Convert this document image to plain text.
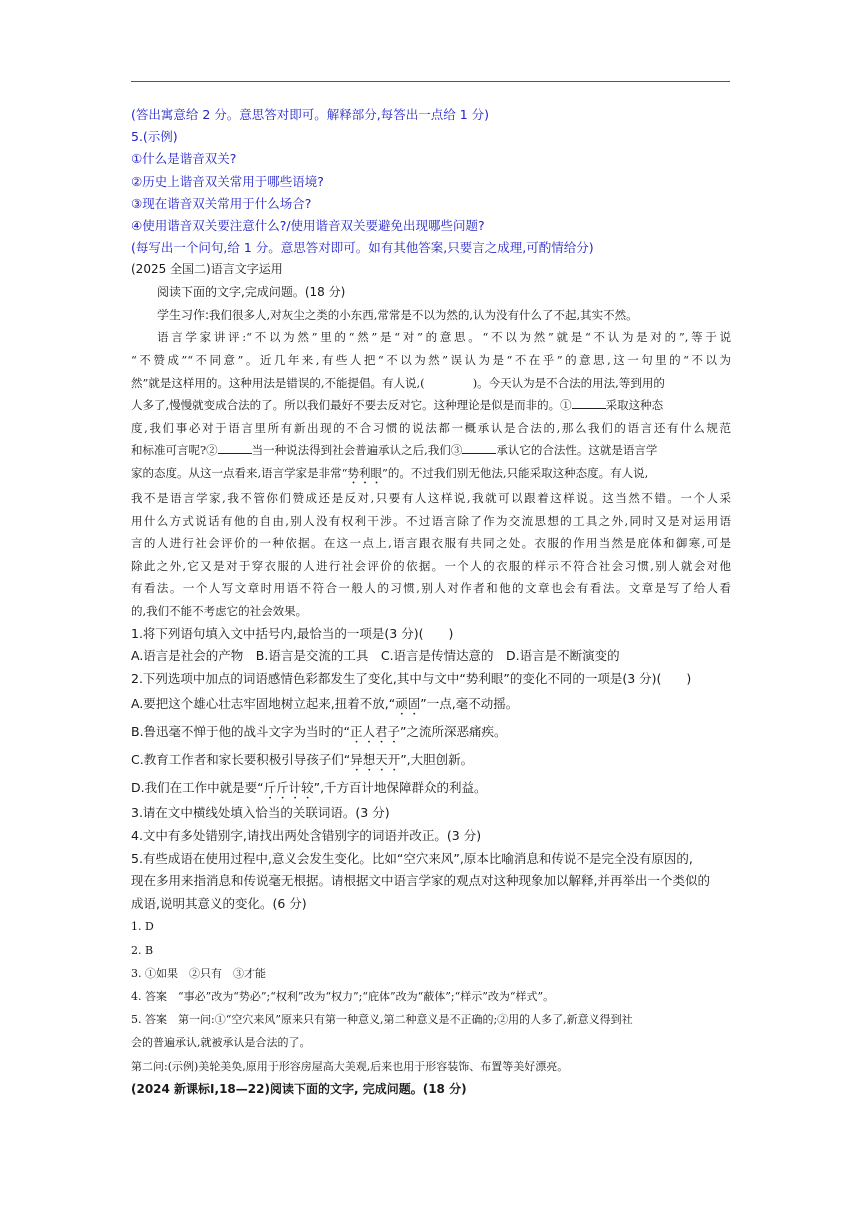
(答出寓意给 2 分。意思答对即可。解释部分,每答出一点给 1 分)

5.(示例)

①什么是谐音双关?

②历史上谐音双关常用于哪些语境?

③现在谐音双关常用于什么场合?

④使用谐音双关要注意什么?/使用谐音双关要避免出现哪些问题?

(每写出一个问句,给 1 分。意思答对即可。如有其他答案,只要言之成理,可酌情给分)

(2025 全国二)语言文字运用

阅读下面的文字,完成问题。(18 分)

学生习作:我们很多人,对灰尘之类的小东西,常常是不以为然的,认为没有什么了不起,其实不然。

语言学家讲评:“不以为然”里的“然”是“对”的意思。“不以为然”就是“不认为是对的”,等于说

“不赞成”“不同意”。近几年来,有些人把“不以为然”误认为是“不在乎”的意思,这一句里的“不以为

然”就是这样用的。这种用法是错误的,不能提倡。有人说,(	)。今天认为是不合法的用法,等到用的

人多了,慢慢就变成合法的了。所以我们最好不要去反对它。这种理论是似是而非的。①	采取这种态

度,我们事必对于语言里所有新出现的不合习惯的说法都一概承认是合法的,那么我们的语言还有什么规范

和标准可言呢?②	当一种说法得到社会普遍承认之后,我们③	承认它的合法性。这就是语言学

家的态度。从这一点看来,语言学家是非常“势利眼”的。不过我们别无他法,只能采取这种态度。有人说,

我不是语言学家,我不管你们赞成还是反对,只要有人这样说,我就可以跟着这样说。这当然不错。一个人采

用什么方式说话有他的自由,别人没有权利干涉。不过语言除了作为交流思想的工具之外,同时又是对运用语

言的人进行社会评价的一种依据。在这一点上,语言跟衣服有共同之处。衣服的作用当然是庇体和御寒,可是

除此之外,它又是对于穿衣服的人进行社会评价的依据。一个人的衣服的样示不符合社会习惯,别人就会对他

有看法。一个人写文章时用语不符合一般人的习惯,别人对作者和他的文章也会有看法。文章是写了给人看

的,我们不能不考虑它的社会效果。

1.将下列语句填入文中括号内,最恰当的一项是(3 分)(　　)

A.语言是社会的产物　B.语言是交流的工具　C.语言是传情达意的　D.语言是不断演变的

2.下列选项中加点的词语感情色彩都发生了变化,其中与文中“势利眼”的变化不同的一项是(3 分)(　　)

A.要把这个雄心壮志牢固地树立起来,扭着不放,“顽固”一点,毫不动摇。

B.鲁迅毫不惮于他的战斗文字为当时的“正人君子”之流所深恶痛疾。

C.教育工作者和家长要积极引导孩子们“异想天开”,大胆创新。

D.我们在工作中就是要“斤斤计较”,千方百计地保障群众的利益。

3.请在文中横线处填入恰当的关联词语。(3 分)

4.文中有多处错别字,请找出两处含错别字的词语并改正。(3 分)

5.有些成语在使用过程中,意义会发生变化。比如“空穴来风”,原本比喻消息和传说不是完全没有原因的,

现在多用来指消息和传说毫无根据。请根据文中语言学家的观点对这种现象加以解释,并再举出一个类似的

成语,说明其意义的变化。(6 分)

1. D

2. B

3. ①如果　②只有　③才能

4. 答案　“事必”改为“势必”;“权利”改为“权力”;“庇体”改为“蔽体”;“样示”改为“样式”。

5. 答案　第一问:①“空穴来风”原来只有第一种意义,第二种意义是不正确的;②用的人多了,新意义得到社

会的普遍承认,就被承认是合法的了。

第二问:(示例)美轮美奂,原用于形容房屋高大美观,后来也用于形容装饰、布置等美好漂亮。

(2024 新课标Ⅰ,18—22)阅读下面的文字, 完成问题。(18 分)
